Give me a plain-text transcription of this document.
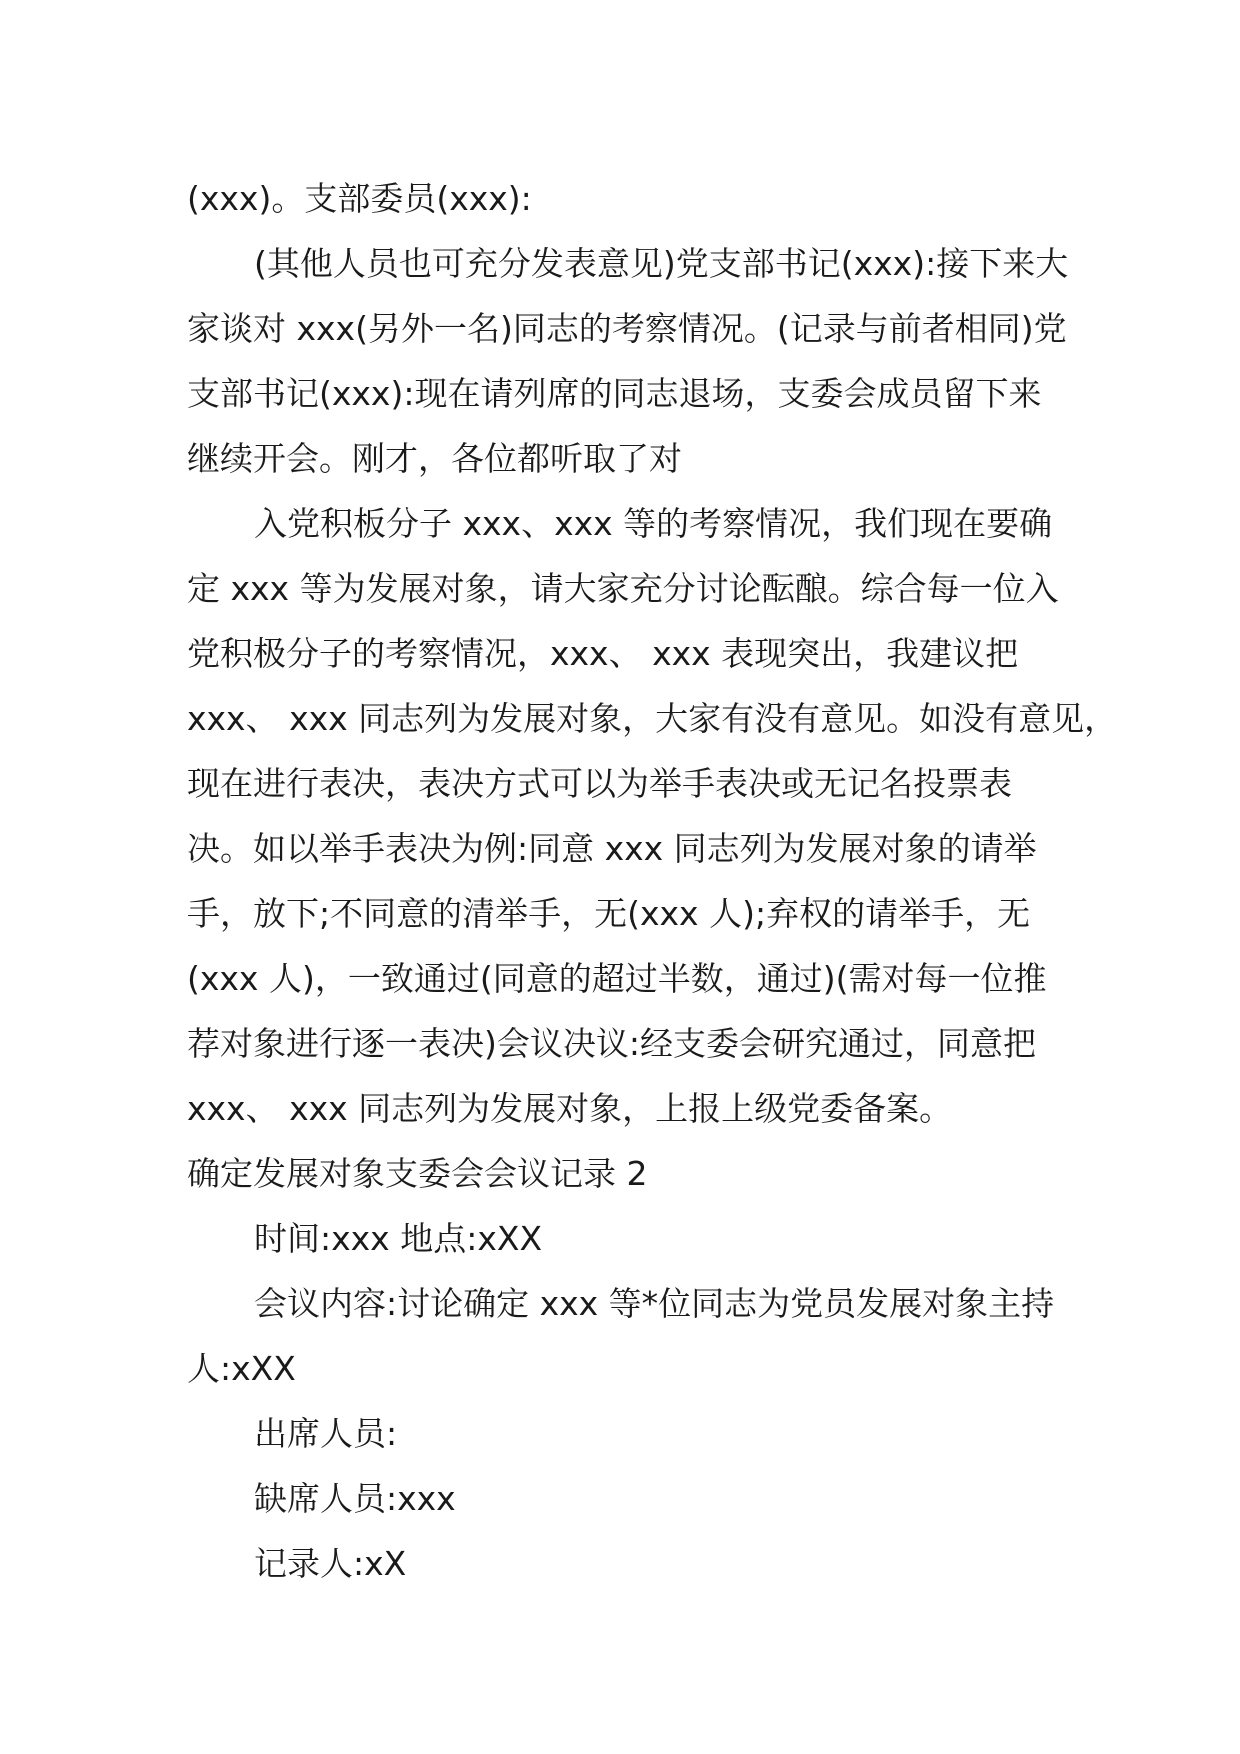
(xxx)。支部委员(xxx):
(其他人员也可充分发表意见)党支部书记(xxx):接下来大
家谈对 xxx(另外一名)同志的考察情况。(记录与前者相同)党
支部书记(xxx):现在请列席的同志退场，支委会成员留下来
继续开会。刚才，各位都听取了对
入党积板分子 xxx、xxx 等的考察情况，我们现在要确
定 xxx 等为发展对象，请大家充分讨论酝酿。综合每一位入
党积极分子的考察情况，xxx、 xxx 表现突出，我建议把
xxx、 xxx 同志列为发展对象，大家有没有意见。如没有意见，
现在进行表决，表决方式可以为举手表决或无记名投票表
决。如以举手表决为例:同意 xxx 同志列为发展对象的请举
手，放下;不同意的清举手，无(xxx 人);弃权的请举手，无
(xxx 人)，一致通过(同意的超过半数，通过)(需对每一位推
荐对象进行逐一表决)会议决议:经支委会研究通过，同意把
xxx、 xxx 同志列为发展对象，上报上级党委备案。
确定发展对象支委会会议记录 2
时间:xxx 地点:xXX
会议内容:讨论确定 xxx 等*位同志为党员发展对象主持
人:xXX
出席人员:
缺席人员:xxx
记录人:xX
